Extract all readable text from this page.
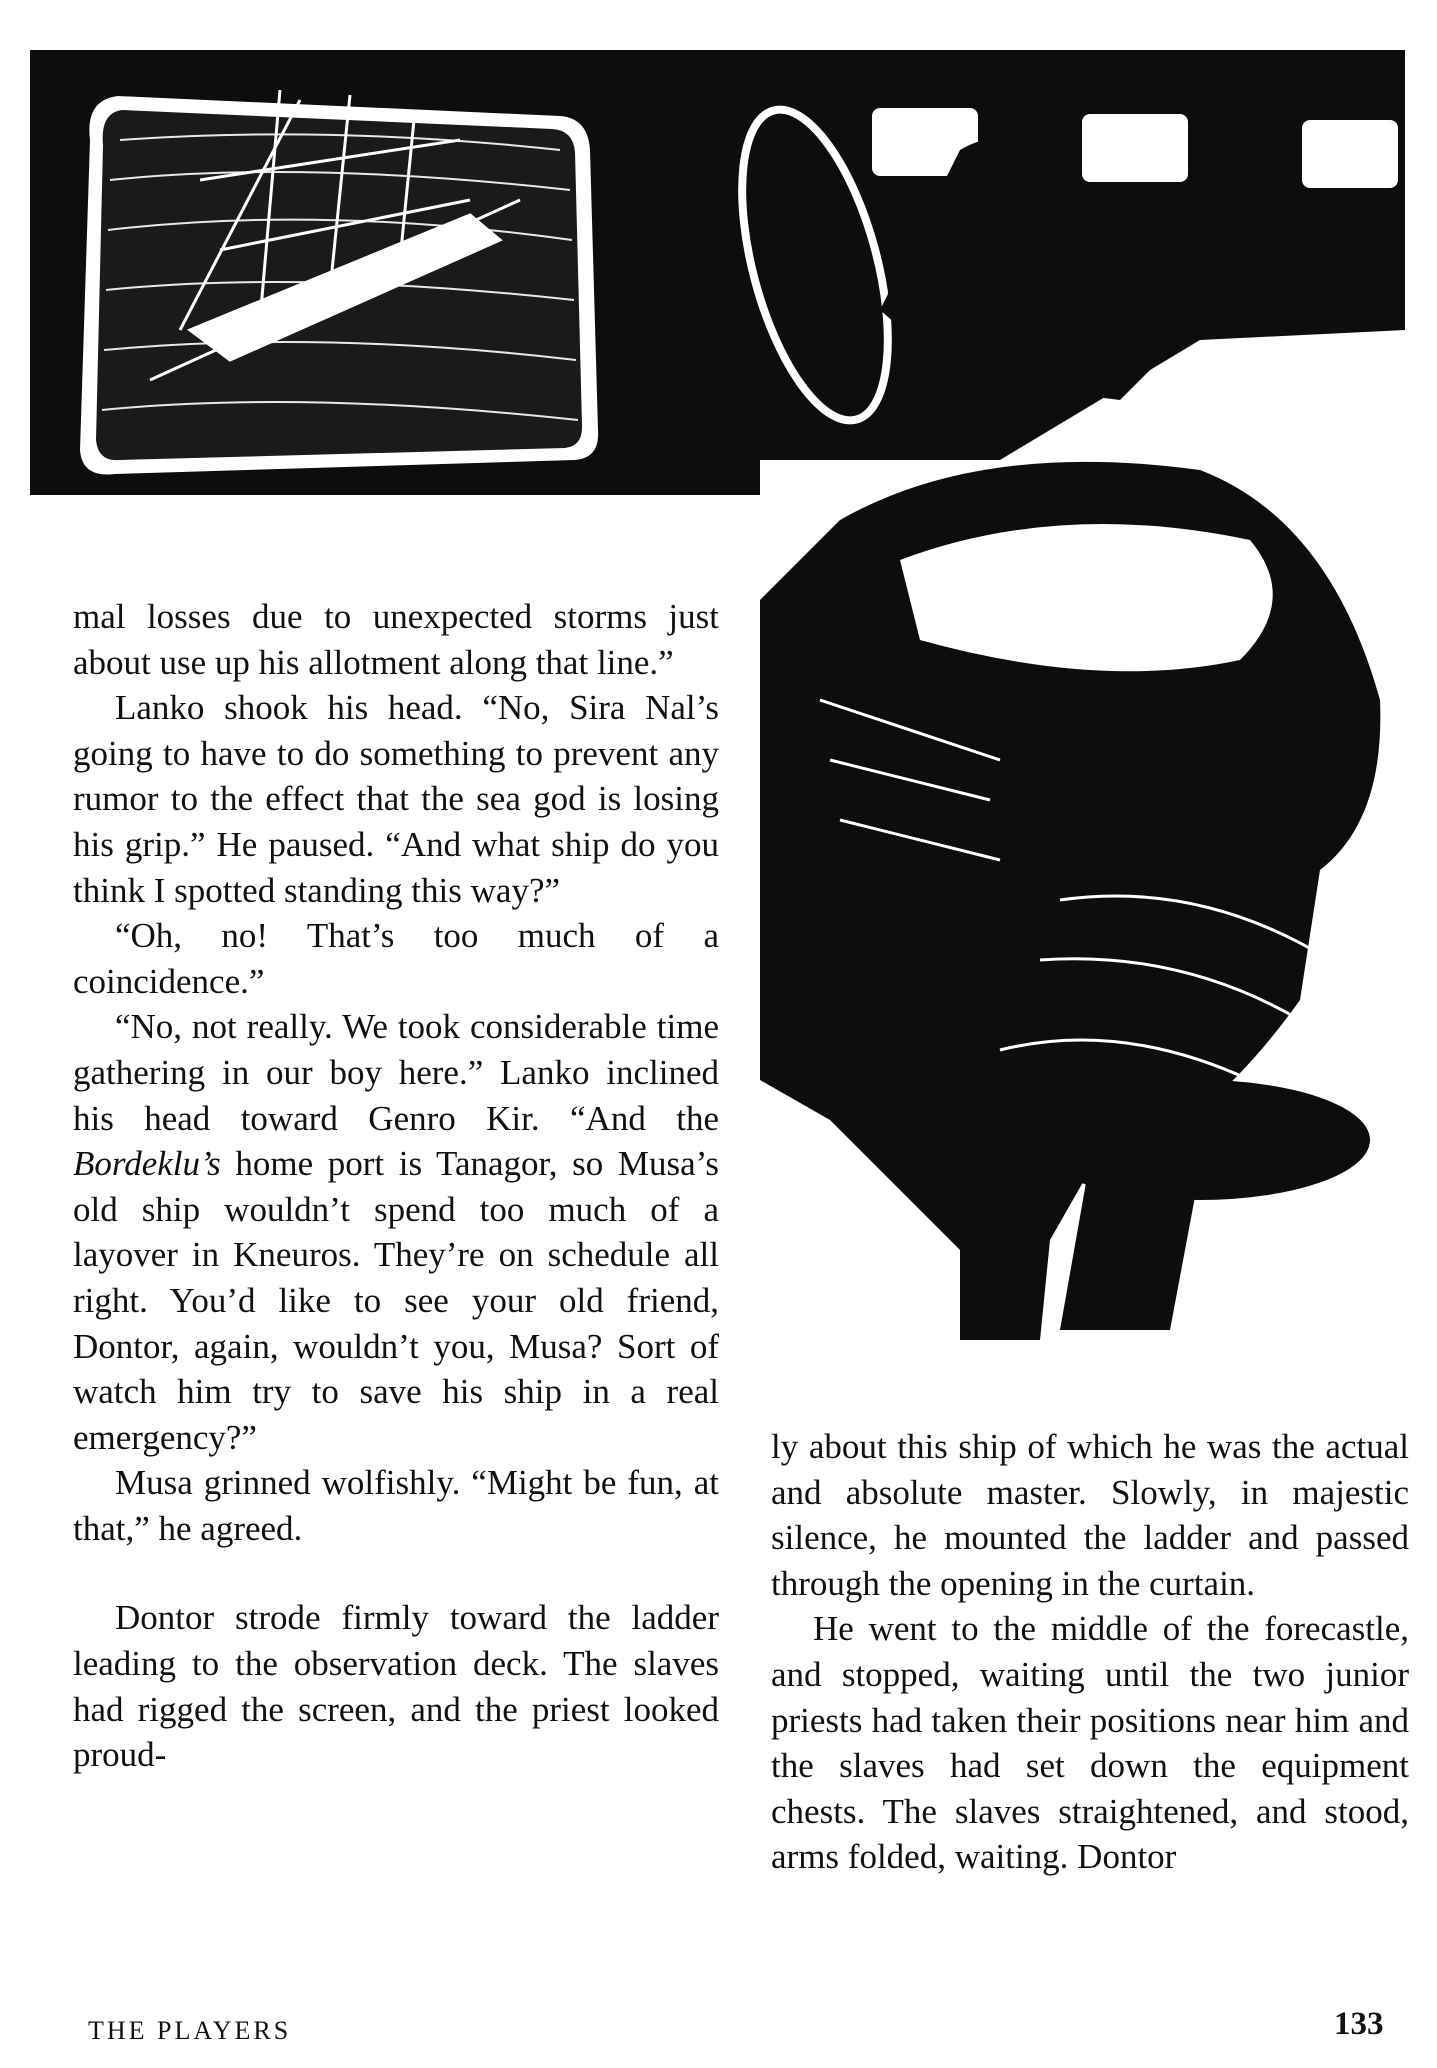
mal losses due to unexpected storms just about use up his allotment along that line.”

Lanko shook his head. “No, Sira Nal’s going to have to do something to prevent any rumor to the effect that the sea god is losing his grip.” He paused. “And what ship do you think I spotted standing this way?”

“Oh, no! That’s too much of a coincidence.”

“No, not really. We took considerable time gathering in our boy here.” Lanko inclined his head toward Genro Kir. “And the Bordeklu’s home port is Tanagor, so Musa’s old ship wouldn’t spend too much of a layover in Kneuros. They’re on schedule all right. You’d like to see your old friend, Dontor, again, wouldn’t you, Musa? Sort of watch him try to save his ship in a real emergency?”

Musa grinned wolfishly. “Might be fun, at that,” he agreed.

Dontor strode firmly toward the ladder leading to the observation deck. The slaves had rigged the screen, and the priest looked proud-

ly about this ship of which he was the actual and absolute master. Slowly, in majestic silence, he mounted the ladder and passed through the opening in the curtain.

He went to the middle of the forecastle, and stopped, waiting until the two junior priests had taken their positions near him and the slaves had set down the equipment chests. The slaves straightened, and stood, arms folded, waiting. Dontor

THE PLAYERS	133
